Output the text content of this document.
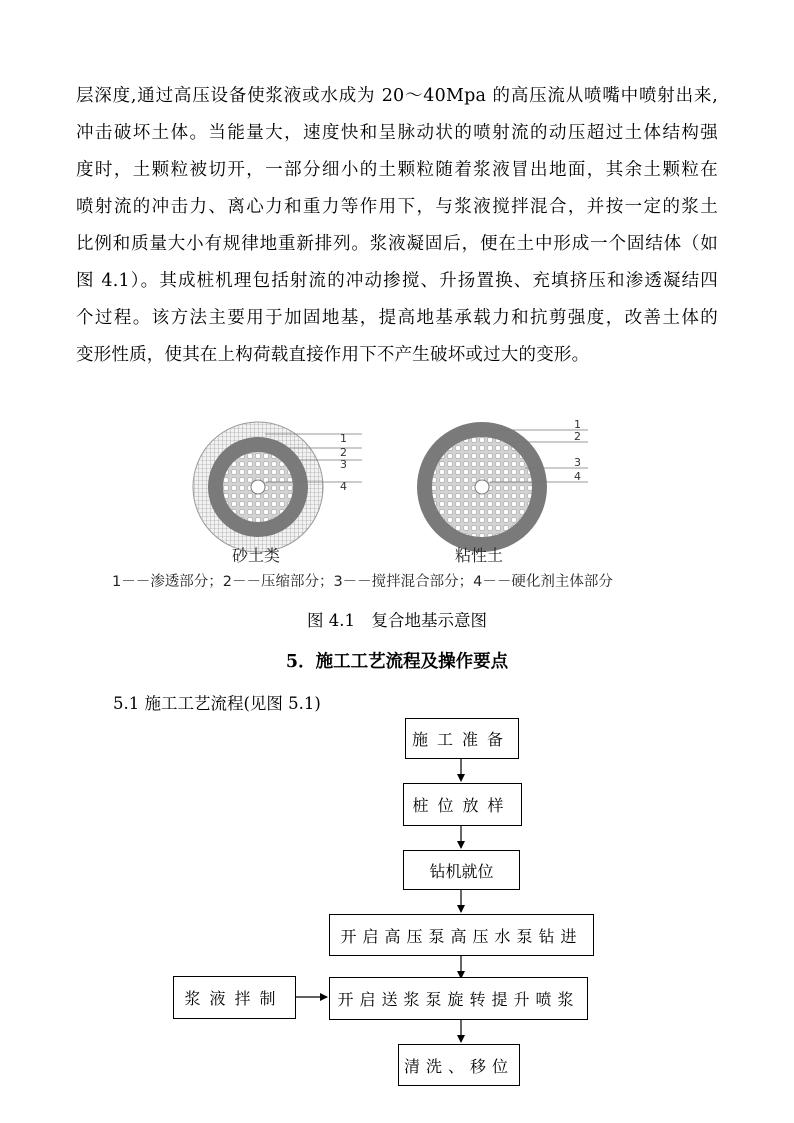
层深度,通过高压设备使浆液或水成为 20～40Mpa 的高压流从喷嘴中喷射出来,
冲击破坏土体。当能量大，速度快和呈脉动状的喷射流的动压超过土体结构强
度时，土颗粒被切开，一部分细小的土颗粒随着浆液冒出地面，其余土颗粒在
喷射流的冲击力、离心力和重力等作用下，与浆液搅拌混合，并按一定的浆土
比例和质量大小有规律地重新排列。浆液凝固后，便在土中形成一个固结体（如
图 4.1）。其成桩机理包括射流的冲动掺搅、升扬置换、充填挤压和渗透凝结四
个过程。该方法主要用于加固地基，提高地基承载力和抗剪强度，改善土体的
变形性质，使其在上构荷载直接作用下不产生破坏或过大的变形。
1
2
3
4
砂土类
1
2
3
4
粘性土
1－－渗透部分；2－－压缩部分；3－－搅拌混合部分；4－－硬化剂主体部分
图 4.1　复合地基示意图
5．施工工艺流程及操作要点
5.1 施工工艺流程(见图 5.1)
施工准备
桩位放样
钻机就位
开启高压泵高压水泵钻进
浆液拌制	开启送浆泵旋转提升喷浆
清洗、移位
